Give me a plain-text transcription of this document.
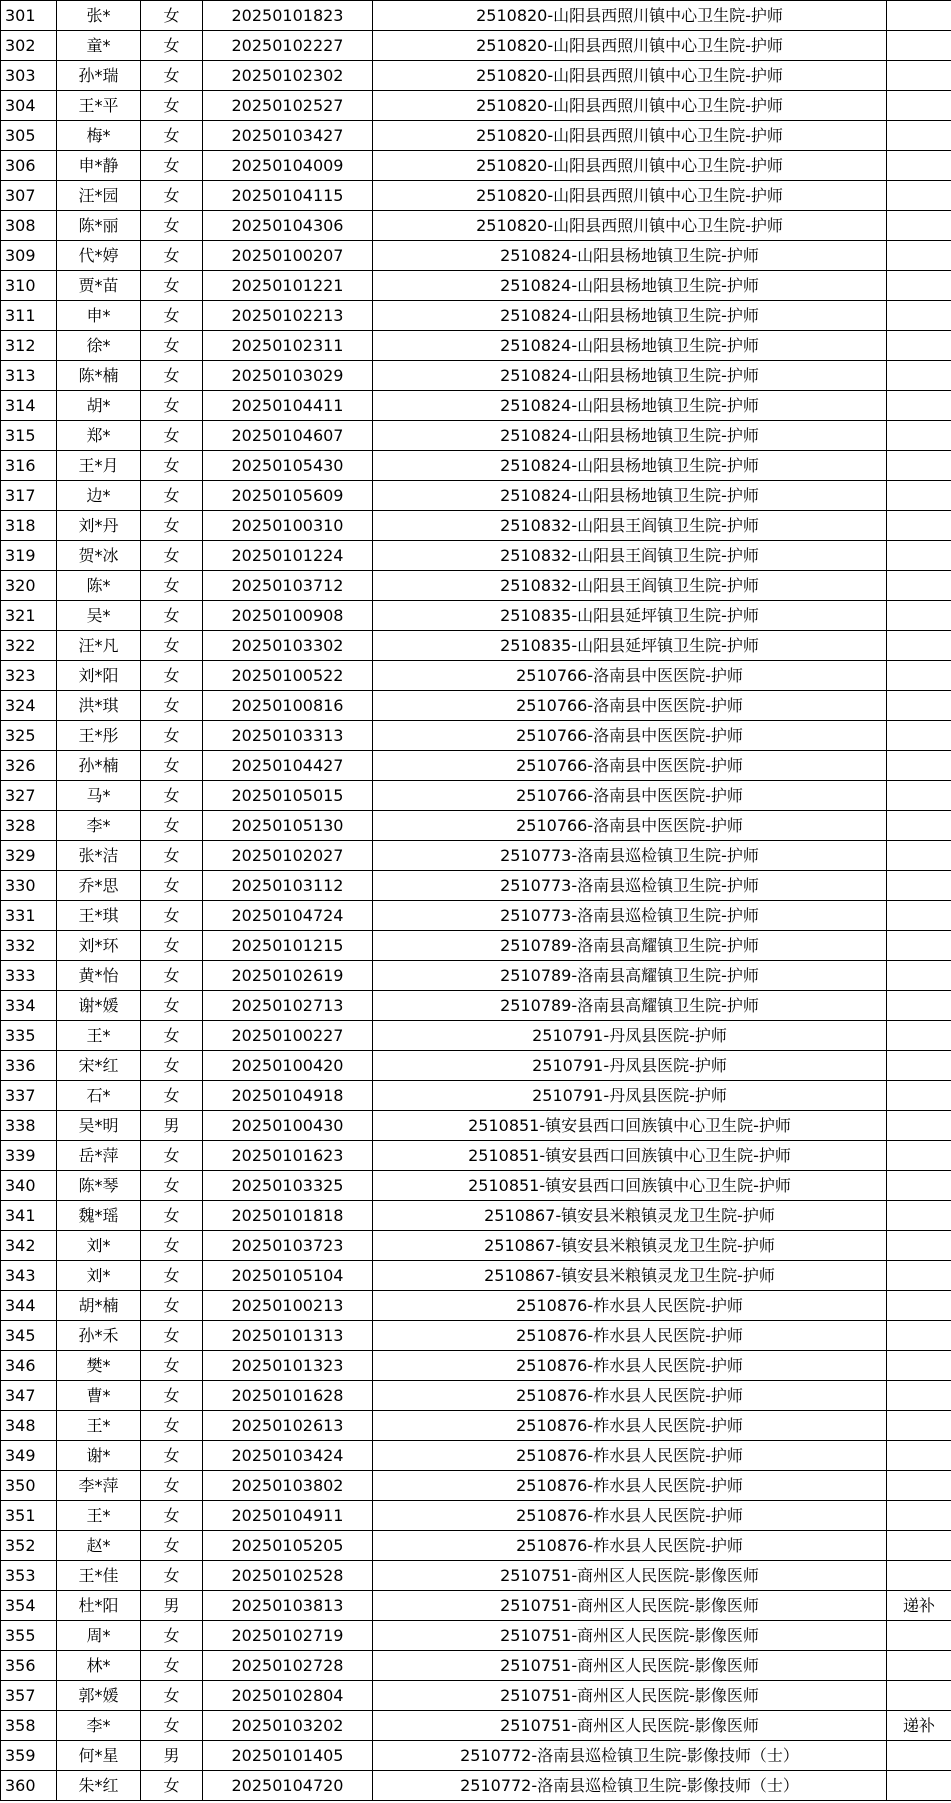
301	张*	女	20250101823	2510820-山阳县西照川镇中心卫生院-护师	
302	童*	女	20250102227	2510820-山阳县西照川镇中心卫生院-护师	
303	孙*瑞	女	20250102302	2510820-山阳县西照川镇中心卫生院-护师	
304	王*平	女	20250102527	2510820-山阳县西照川镇中心卫生院-护师	
305	梅*	女	20250103427	2510820-山阳县西照川镇中心卫生院-护师	
306	申*静	女	20250104009	2510820-山阳县西照川镇中心卫生院-护师	
307	汪*园	女	20250104115	2510820-山阳县西照川镇中心卫生院-护师	
308	陈*丽	女	20250104306	2510820-山阳县西照川镇中心卫生院-护师	
309	代*婷	女	20250100207	2510824-山阳县杨地镇卫生院-护师	
310	贾*苗	女	20250101221	2510824-山阳县杨地镇卫生院-护师	
311	申*	女	20250102213	2510824-山阳县杨地镇卫生院-护师	
312	徐*	女	20250102311	2510824-山阳县杨地镇卫生院-护师	
313	陈*楠	女	20250103029	2510824-山阳县杨地镇卫生院-护师	
314	胡*	女	20250104411	2510824-山阳县杨地镇卫生院-护师	
315	郑*	女	20250104607	2510824-山阳县杨地镇卫生院-护师	
316	王*月	女	20250105430	2510824-山阳县杨地镇卫生院-护师	
317	边*	女	20250105609	2510824-山阳县杨地镇卫生院-护师	
318	刘*丹	女	20250100310	2510832-山阳县王阎镇卫生院-护师	
319	贺*冰	女	20250101224	2510832-山阳县王阎镇卫生院-护师	
320	陈*	女	20250103712	2510832-山阳县王阎镇卫生院-护师	
321	吴*	女	20250100908	2510835-山阳县延坪镇卫生院-护师	
322	汪*凡	女	20250103302	2510835-山阳县延坪镇卫生院-护师	
323	刘*阳	女	20250100522	2510766-洛南县中医医院-护师	
324	洪*琪	女	20250100816	2510766-洛南县中医医院-护师	
325	王*彤	女	20250103313	2510766-洛南县中医医院-护师	
326	孙*楠	女	20250104427	2510766-洛南县中医医院-护师	
327	马*	女	20250105015	2510766-洛南县中医医院-护师	
328	李*	女	20250105130	2510766-洛南县中医医院-护师	
329	张*洁	女	20250102027	2510773-洛南县巡检镇卫生院-护师	
330	乔*思	女	20250103112	2510773-洛南县巡检镇卫生院-护师	
331	王*琪	女	20250104724	2510773-洛南县巡检镇卫生院-护师	
332	刘*环	女	20250101215	2510789-洛南县高耀镇卫生院-护师	
333	黄*怡	女	20250102619	2510789-洛南县高耀镇卫生院-护师	
334	谢*媛	女	20250102713	2510789-洛南县高耀镇卫生院-护师	
335	王*	女	20250100227	2510791-丹凤县医院-护师	
336	宋*红	女	20250100420	2510791-丹凤县医院-护师	
337	石*	女	20250104918	2510791-丹凤县医院-护师	
338	吴*明	男	20250100430	2510851-镇安县西口回族镇中心卫生院-护师	
339	岳*萍	女	20250101623	2510851-镇安县西口回族镇中心卫生院-护师	
340	陈*琴	女	20250103325	2510851-镇安县西口回族镇中心卫生院-护师	
341	魏*瑶	女	20250101818	2510867-镇安县米粮镇灵龙卫生院-护师	
342	刘*	女	20250103723	2510867-镇安县米粮镇灵龙卫生院-护师	
343	刘*	女	20250105104	2510867-镇安县米粮镇灵龙卫生院-护师	
344	胡*楠	女	20250100213	2510876-柞水县人民医院-护师	
345	孙*禾	女	20250101313	2510876-柞水县人民医院-护师	
346	樊*	女	20250101323	2510876-柞水县人民医院-护师	
347	曹*	女	20250101628	2510876-柞水县人民医院-护师	
348	王*	女	20250102613	2510876-柞水县人民医院-护师	
349	谢*	女	20250103424	2510876-柞水县人民医院-护师	
350	李*萍	女	20250103802	2510876-柞水县人民医院-护师	
351	王*	女	20250104911	2510876-柞水县人民医院-护师	
352	赵*	女	20250105205	2510876-柞水县人民医院-护师	
353	王*佳	女	20250102528	2510751-商州区人民医院-影像医师	
354	杜*阳	男	20250103813	2510751-商州区人民医院-影像医师	递补
355	周*	女	20250102719	2510751-商州区人民医院-影像医师	
356	林*	女	20250102728	2510751-商州区人民医院-影像医师	
357	郭*媛	女	20250102804	2510751-商州区人民医院-影像医师	
358	李*	女	20250103202	2510751-商州区人民医院-影像医师	递补
359	何*星	男	20250101405	2510772-洛南县巡检镇卫生院-影像技师（士）	
360	朱*红	女	20250104720	2510772-洛南县巡检镇卫生院-影像技师（士）	
